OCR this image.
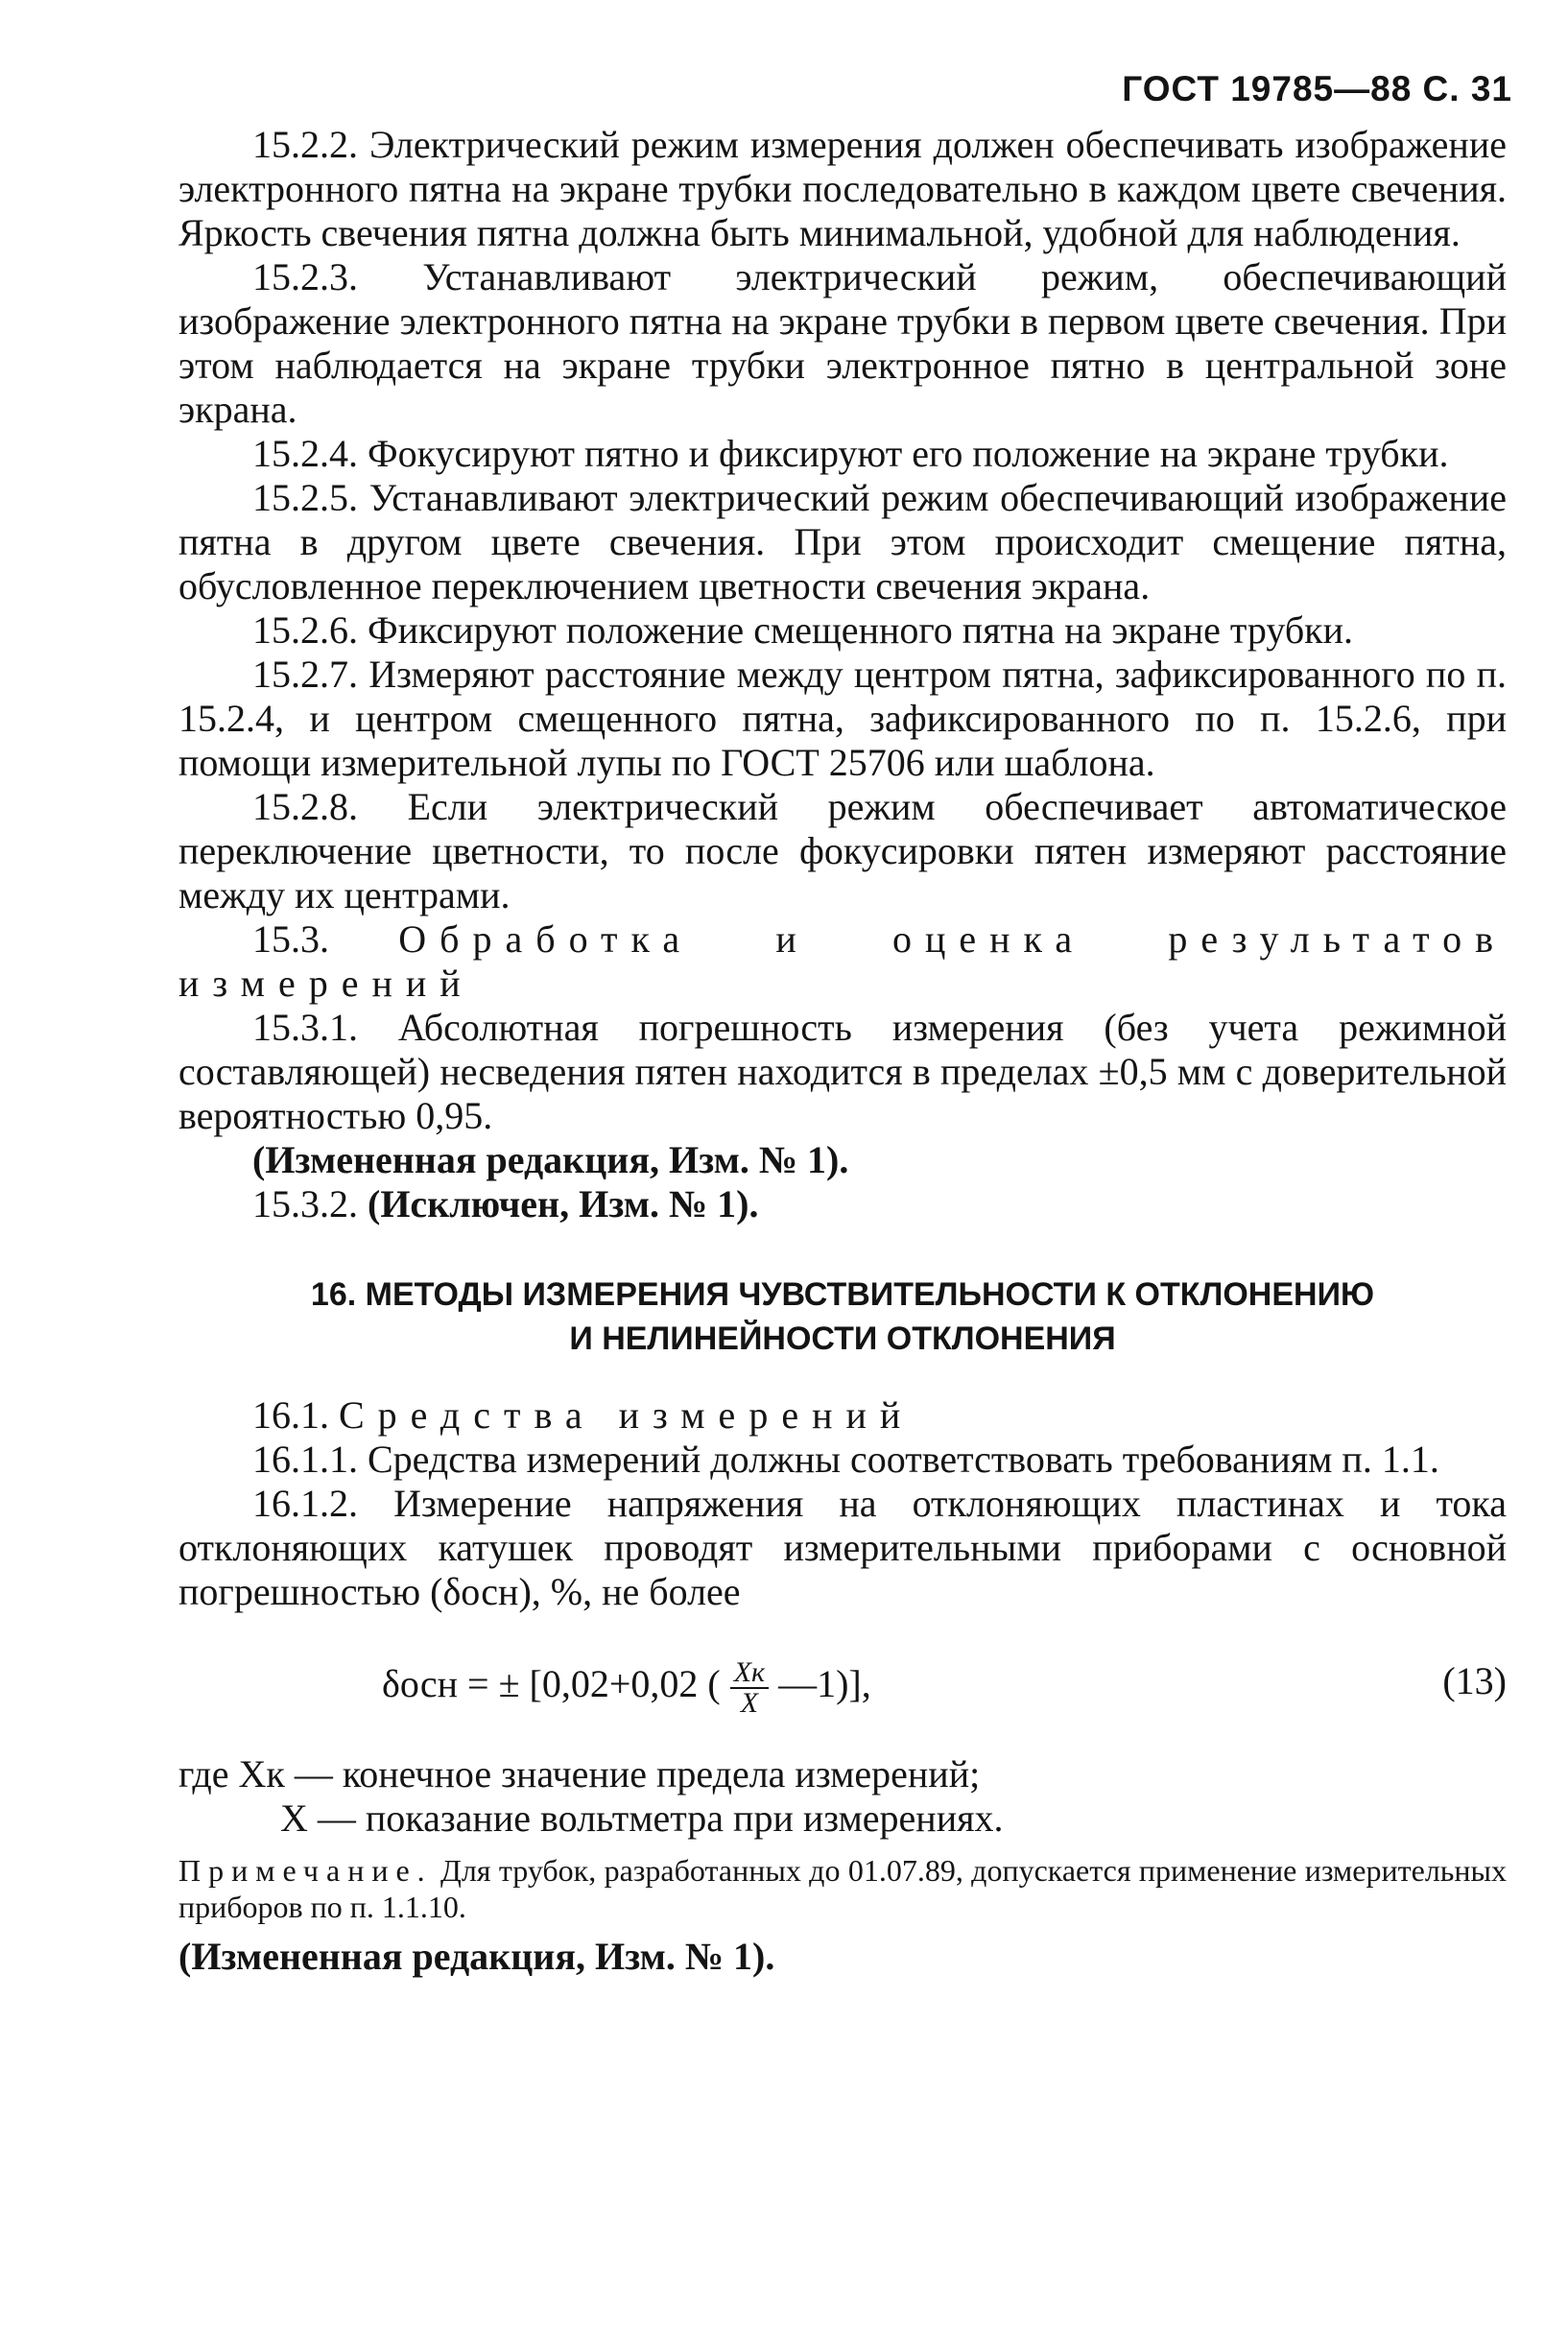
ГОСТ 19785—88 С. 31

15.2.2. Электрический режим измерения должен обеспечивать изображение электронного пятна на экране трубки последовательно в каждом цвете свечения. Яркость свечения пятна должна быть минимальной, удобной для наблюдения.

15.2.3. Устанавливают электрический режим, обеспечивающий изображение электронного пятна на экране трубки в первом цвете свечения. При этом наблюдается на экране трубки электронное пятно в центральной зоне экрана.

15.2.4. Фокусируют пятно и фиксируют его положение на экране трубки.

15.2.5. Устанавливают электрический режим обеспечивающий изображение пятна в другом цвете свечения. При этом происходит смещение пятна, обусловленное переключением цветности свечения экрана.

15.2.6. Фиксируют положение смещенного пятна на экране трубки.

15.2.7. Измеряют расстояние между центром пятна, зафиксированного по п. 15.2.4, и центром смещенного пятна, зафиксированного по п. 15.2.6, при помощи измерительной лупы по ГОСТ 25706 или шаблона.

15.2.8. Если электрический режим обеспечивает автоматическое переключение цветности, то после фокусировки пятен измеряют расстояние между их центрами.

15.3. Обработка и оценка результатов измерений

15.3.1. Абсолютная погрешность измерения (без учета режимной составляющей) несведения пятен находится в пределах ±0,5 мм с доверительной вероятностью 0,95.

(Измененная редакция, Изм. № 1).

15.3.2. (Исключен, Изм. № 1).

16. МЕТОДЫ ИЗМЕРЕНИЯ ЧУВСТВИТЕЛЬНОСТИ К ОТКЛОНЕНИЮ
И НЕЛИНЕЙНОСТИ ОТКЛОНЕНИЯ

16.1. Средства измерений

16.1.1. Средства измерений должны соответствовать требованиям п. 1.1.

16.1.2. Измерение напряжения на отклоняющих пластинах и тока отклоняющих катушек проводят измерительными приборами с основной погрешностью (δосн), %, не более

δосн = ± [0,02+0,02 ( $\frac{Xк}{X}$ —1)],	(13)
где Xк — конечное значение предела измерений;
X — показание вольтметра при измерениях.
Примечание. Для трубок, разработанных до 01.07.89, допускается применение измерительных приборов по п. 1.1.10.

(Измененная редакция, Изм. № 1).
